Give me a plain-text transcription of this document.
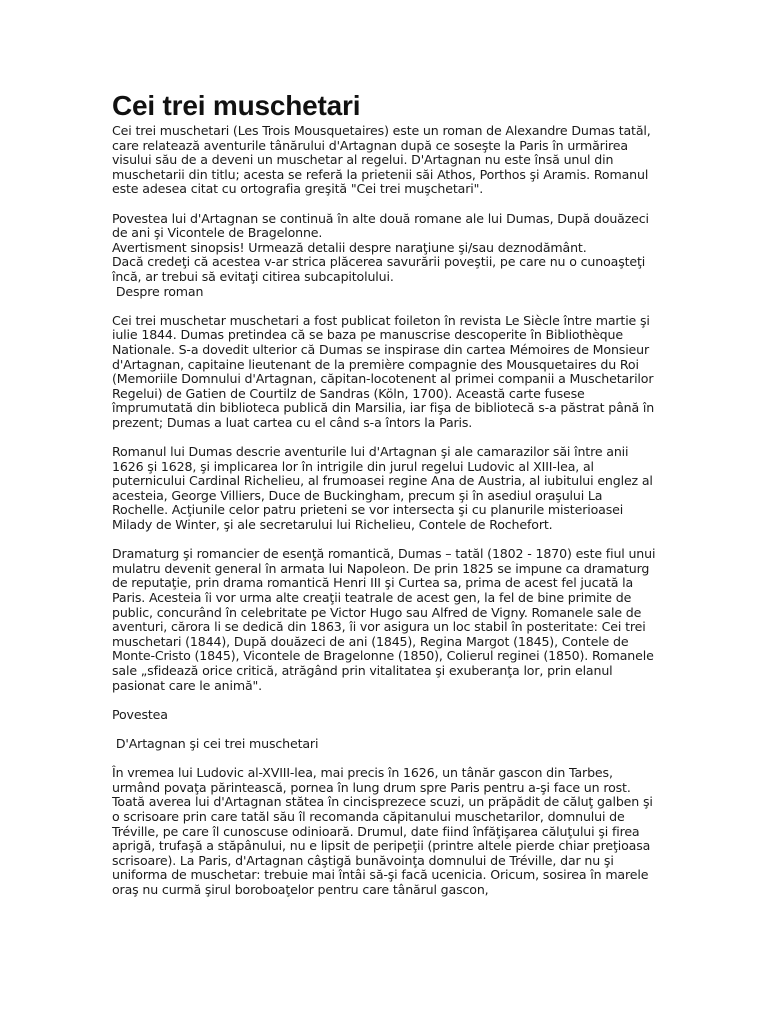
Cei trei muschetari

Cei trei muschetari (Les Trois Mousquetaires) este un roman de Alexandre Dumas tatăl, care relatează aventurile tânărului d'Artagnan după ce soseşte la Paris în urmărirea visului său de a deveni un muschetar al regelui. D'Artagnan nu este însă unul din muschetarii din titlu; acesta se referă la prietenii săi Athos, Porthos şi Aramis. Romanul este adesea citat cu ortografia greşită "Cei trei muşchetari".

Povestea lui d'Artagnan se continuă în alte două romane ale lui Dumas, După douăzeci de ani şi Vicontele de Bragelonne.

Avertisment sinopsis! Urmează detalii despre naraţiune şi/sau deznodământ.

Dacă credeţi că acestea v-ar strica plăcerea savurării poveştii, pe care nu o cunoaşteţi încă, ar trebui să evitaţi citirea subcapitolului.

Despre roman

Cei trei muschetar muschetari a fost publicat foileton în revista Le Siècle între martie şi iulie 1844. Dumas pretindea că se baza pe manuscrise descoperite în Bibliothèque Nationale. S-a dovedit ulterior că Dumas se inspirase din cartea Mémoires de Monsieur d'Artagnan, capitaine lieutenant de la première compagnie des Mousquetaires du Roi (Memoriile Domnului d'Artagnan, căpitan-locotenent al primei companii a Muschetarilor Regelui) de Gatien de Courtilz de Sandras (Köln, 1700). Această carte fusese împrumutată din biblioteca publică din Marsilia, iar fişa de bibliotecă s-a păstrat până în prezent; Dumas a luat cartea cu el când s-a întors la Paris.

Romanul lui Dumas descrie aventurile lui d'Artagnan şi ale camarazilor săi între anii 1626 şi 1628, şi implicarea lor în intrigile din jurul regelui Ludovic al XIII-lea, al puternicului Cardinal Richelieu, al frumoasei regine Ana de Austria, al iubitului englez al acesteia, George Villiers, Duce de Buckingham, precum şi în asediul oraşului La Rochelle. Acţiunile celor patru prieteni se vor intersecta şi cu planurile misterioasei Milady de Winter, şi ale secretarului lui Richelieu, Contele de Rochefort.

Dramaturg şi romancier de esenţă romantică, Dumas – tatăl (1802 - 1870) este fiul unui mulatru devenit general în armata lui Napoleon. De prin 1825 se impune ca dramaturg de reputaţie, prin drama romantică Henri III şi Curtea sa, prima de acest fel jucată la Paris. Acesteia îi vor urma alte creaţii teatrale de acest gen, la fel de bine primite de public, concurând în celebritate pe Victor Hugo sau Alfred de Vigny. Romanele sale de aventuri, cărora li se dedică din 1863, îi vor asigura un loc stabil în posteritate: Cei trei muschetari (1844), După douăzeci de ani (1845), Regina Margot (1845), Contele de Monte-Cristo (1845), Vicontele de Bragelonne (1850), Colierul reginei (1850). Romanele sale „sfidează orice critică, atrăgând prin vitalitatea şi exuberanţa lor, prin elanul pasionat care le animă".

Povestea

D'Artagnan şi cei trei muschetari

În vremea lui Ludovic al-XVIII-lea, mai precis în 1626, un tânăr gascon din Tarbes, urmând povaţa părintească, pornea în lung drum spre Paris pentru a-şi face un rost. Toată averea lui d'Artagnan stătea în cincisprezece scuzi, un prăpădit de căluţ galben şi o scrisoare prin care tatăl său îl recomanda căpitanului muschetarilor, domnului de Tréville, pe care îl cunoscuse odinioară. Drumul, date fiind înfăţişarea căluţului şi firea aprigă, trufaşă a stăpânului, nu e lipsit de peripeţii (printre altele pierde chiar preţioasa scrisoare). La Paris, d'Artagnan câştigă bunăvoinţa domnului de Tréville, dar nu şi uniforma de muschetar: trebuie mai întâi să-şi facă ucenicia. Oricum, sosirea în marele oraş nu curmă şirul boroboaţelor pentru care tânărul gascon,
